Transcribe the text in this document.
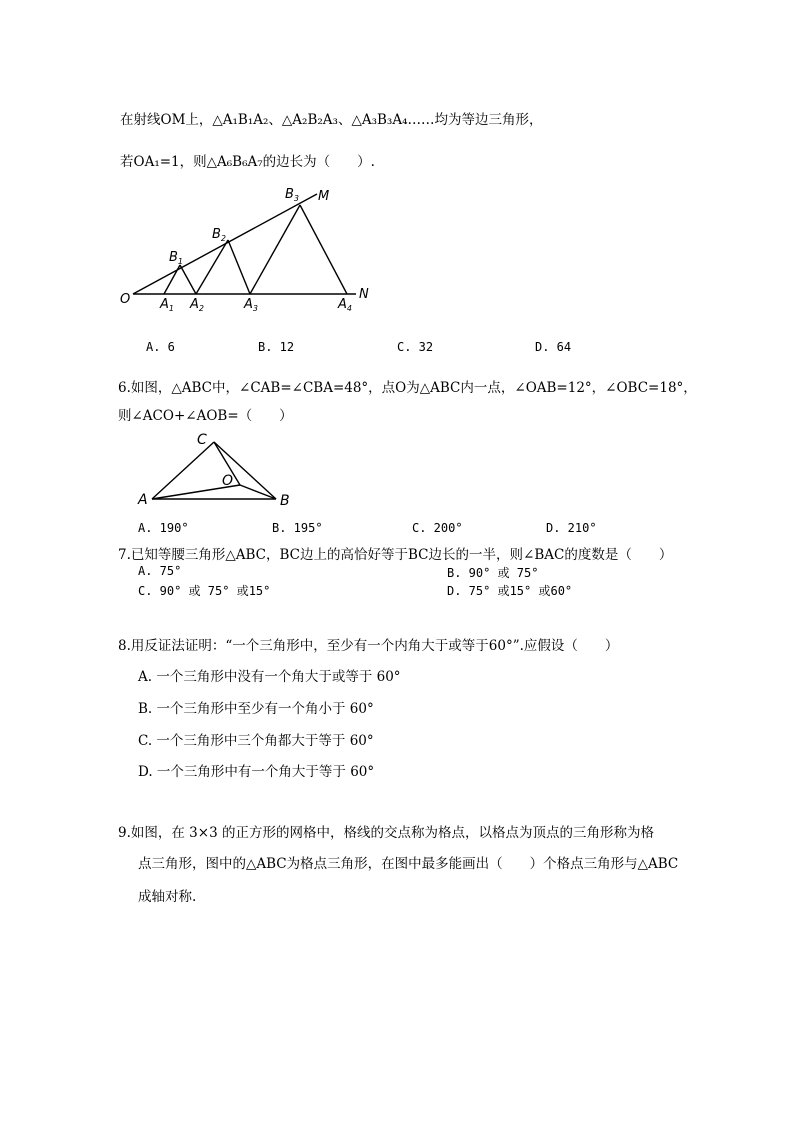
在射线OM上，△A₁B₁A₂、△A₂B₂A₃、△A₃B₃A₄……均为等边三角形，
若OA₁=1，则△A₆B₆A₇的边长为（　　）.
O
M
N
$A_1$ $A_2$	$A_3$	$A_4$
$B_1$
$B_2$
$B_3$
A. 6	B. 12	C. 32	D. 64
6.如图，△ABC中，∠CAB=∠CBA=48°，点O为△ABC内一点，∠OAB=12°，∠OBC=18°，
则∠ACO+∠AOB=（　　）
C
A	B
O
A. 190°	B. 195°	C. 200°	D. 210°
7.已知等腰三角形△ABC，BC边上的高恰好等于BC边长的一半，则∠BAC的度数是（　　）
A. 75°	B. 90° 或 75°
C. 90° 或 75° 或15°	D. 75° 或15° 或60°
8.用反证法证明：“一个三角形中，至少有一个内角大于或等于60°”.应假设（　　）
A. 一个三角形中没有一个角大于或等于 60°
B. 一个三角形中至少有一个角小于 60°
C. 一个三角形中三个角都大于等于 60°
D. 一个三角形中有一个角大于等于 60°
9.如图，在 3×3 的正方形的网格中，格线的交点称为格点，以格点为顶点的三角形称为格
点三角形，图中的△ABC为格点三角形，在图中最多能画出（　　）个格点三角形与△ABC
成轴对称.
